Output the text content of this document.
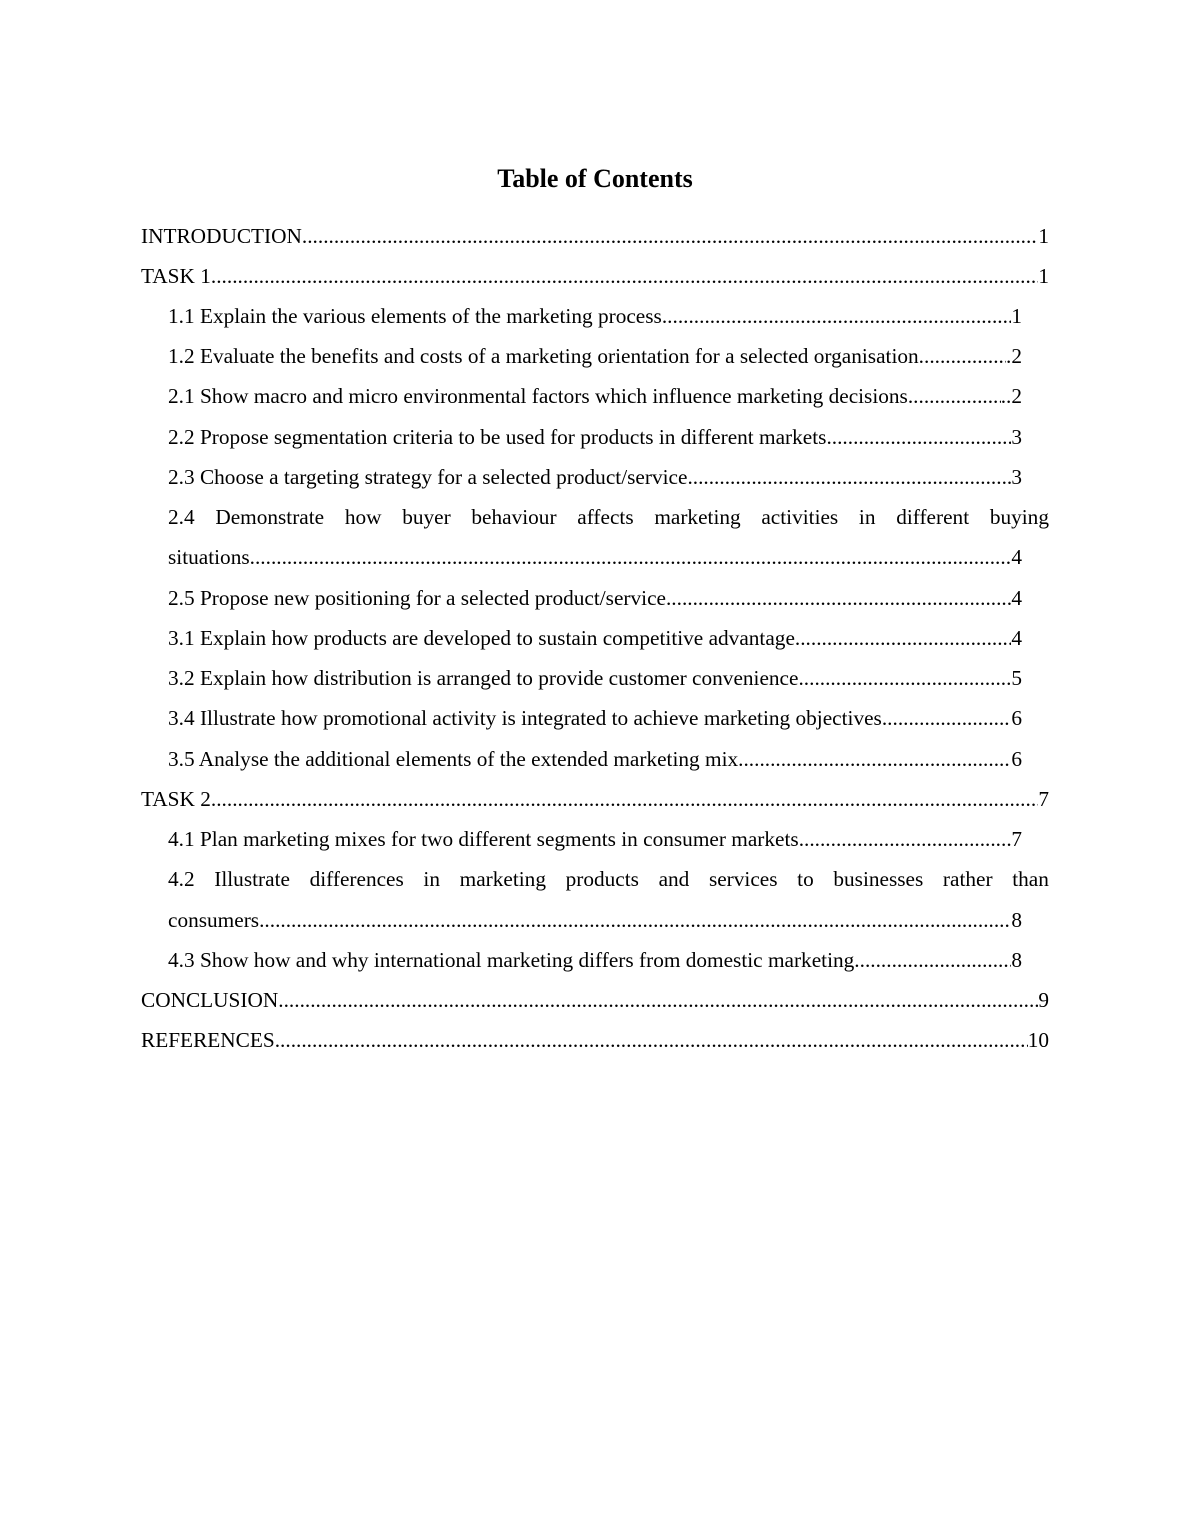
Table of Contents
INTRODUCTION .....	1
TASK 1 .....	1
1.1 Explain the various elements of the marketing process .....	1
1.2 Evaluate the benefits and costs of a marketing orientation for a selected organisation.. .....	.2
2.1 Show macro and micro environmental factors which influence marketing decisions.. .....	..2
2.2 Propose segmentation criteria to be used for products in different markets .....	3
2.3 Choose a targeting strategy for a selected product/service .....	3
2.4 Demonstrate how buyer behaviour affects marketing activities in different buying
situations .....	4
2.5 Propose new positioning for a selected product/service .....	4
3.1 Explain how products are developed to sustain competitive advantage .....	4
3.2 Explain how distribution is arranged to provide customer convenience .....	5
3.4 Illustrate how promotional activity is integrated to achieve marketing objectives .....	6
3.5 Analyse the additional elements of the extended marketing mix .....	6
TASK 2 .....	7
4.1 Plan marketing mixes for two different segments in consumer markets .....	7
4.2 Illustrate differences in marketing products and services to businesses rather than
consumers .....	8
4.3 Show how and why international marketing differs from domestic marketing .....	8
CONCLUSION .....	9
REFERENCES .....	10
